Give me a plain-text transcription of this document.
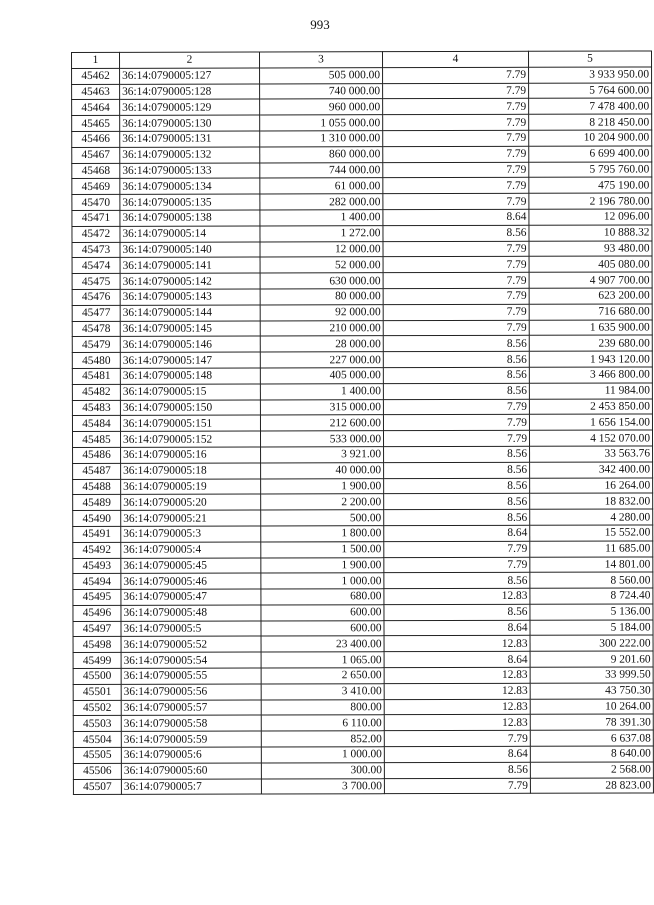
993
1	2	3	4	5
45462	36:14:0790005:127	505 000.00	7.79	3 933 950.00
45463	36:14:0790005:128	740 000.00	7.79	5 764 600.00
45464	36:14:0790005:129	960 000.00	7.79	7 478 400.00
45465	36:14:0790005:130	1 055 000.00	7.79	8 218 450.00
45466	36:14:0790005:131	1 310 000.00	7.79	10 204 900.00
45467	36:14:0790005:132	860 000.00	7.79	6 699 400.00
45468	36:14:0790005:133	744 000.00	7.79	5 795 760.00
45469	36:14:0790005:134	61 000.00	7.79	475 190.00
45470	36:14:0790005:135	282 000.00	7.79	2 196 780.00
45471	36:14:0790005:138	1 400.00	8.64	12 096.00
45472	36:14:0790005:14	1 272.00	8.56	10 888.32
45473	36:14:0790005:140	12 000.00	7.79	93 480.00
45474	36:14:0790005:141	52 000.00	7.79	405 080.00
45475	36:14:0790005:142	630 000.00	7.79	4 907 700.00
45476	36:14:0790005:143	80 000.00	7.79	623 200.00
45477	36:14:0790005:144	92 000.00	7.79	716 680.00
45478	36:14:0790005:145	210 000.00	7.79	1 635 900.00
45479	36:14:0790005:146	28 000.00	8.56	239 680.00
45480	36:14:0790005:147	227 000.00	8.56	1 943 120.00
45481	36:14:0790005:148	405 000.00	8.56	3 466 800.00
45482	36:14:0790005:15	1 400.00	8.56	11 984.00
45483	36:14:0790005:150	315 000.00	7.79	2 453 850.00
45484	36:14:0790005:151	212 600.00	7.79	1 656 154.00
45485	36:14:0790005:152	533 000.00	7.79	4 152 070.00
45486	36:14:0790005:16	3 921.00	8.56	33 563.76
45487	36:14:0790005:18	40 000.00	8.56	342 400.00
45488	36:14:0790005:19	1 900.00	8.56	16 264.00
45489	36:14:0790005:20	2 200.00	8.56	18 832.00
45490	36:14:0790005:21	500.00	8.56	4 280.00
45491	36:14:0790005:3	1 800.00	8.64	15 552.00
45492	36:14:0790005:4	1 500.00	7.79	11 685.00
45493	36:14:0790005:45	1 900.00	7.79	14 801.00
45494	36:14:0790005:46	1 000.00	8.56	8 560.00
45495	36:14:0790005:47	680.00	12.83	8 724.40
45496	36:14:0790005:48	600.00	8.56	5 136.00
45497	36:14:0790005:5	600.00	8.64	5 184.00
45498	36:14:0790005:52	23 400.00	12.83	300 222.00
45499	36:14:0790005:54	1 065.00	8.64	9 201.60
45500	36:14:0790005:55	2 650.00	12.83	33 999.50
45501	36:14:0790005:56	3 410.00	12.83	43 750.30
45502	36:14:0790005:57	800.00	12.83	10 264.00
45503	36:14:0790005:58	6 110.00	12.83	78 391.30
45504	36:14:0790005:59	852.00	7.79	6 637.08
45505	36:14:0790005:6	1 000.00	8.64	8 640.00
45506	36:14:0790005:60	300.00	8.56	2 568.00
45507	36:14:0790005:7	3 700.00	7.79	28 823.00
